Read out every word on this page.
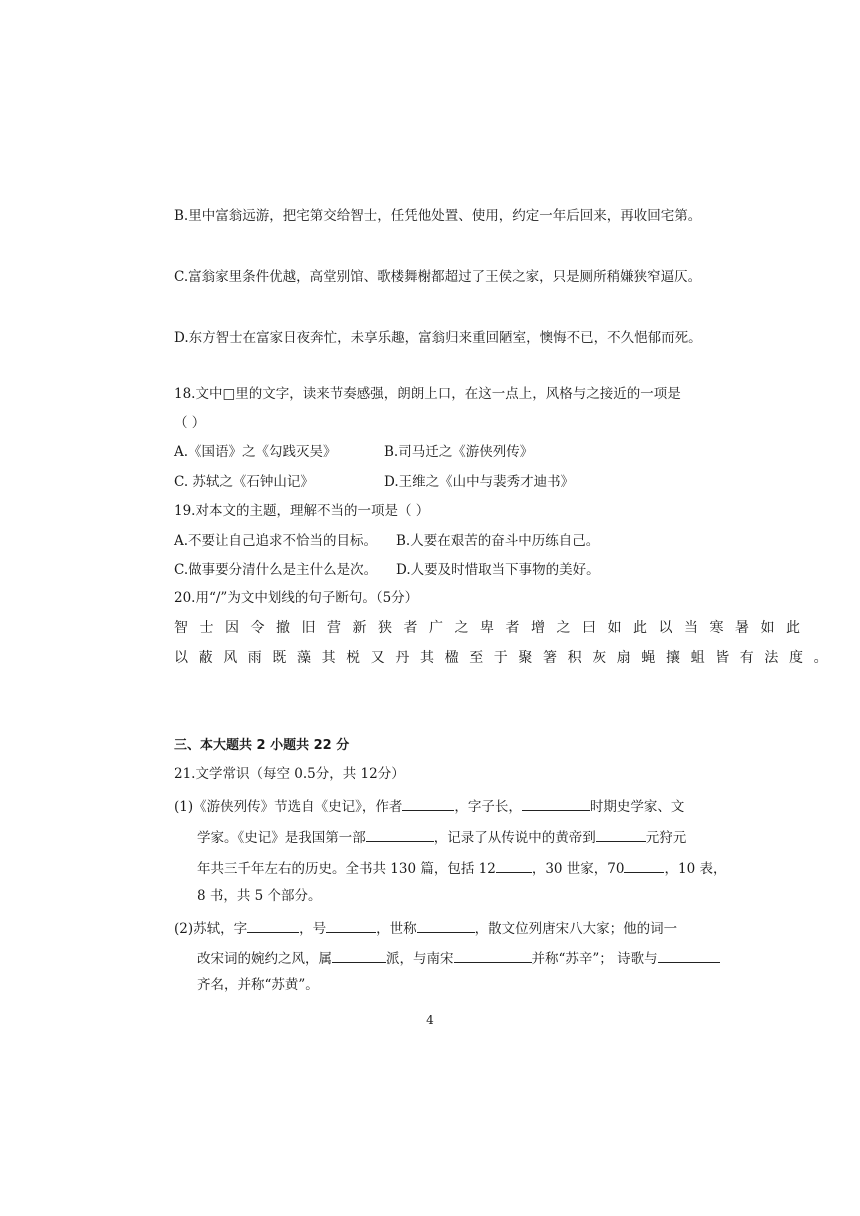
B.里中富翁远游，把宅第交给智士，任凭他处置、使用，约定一年后回来，再收回宅第。
C.富翁家里条件优越，高堂别馆、歌楼舞榭都超过了王侯之家，只是厕所稍嫌狭窄逼仄。
D.东方智士在富家日夜奔忙，未享乐趣，富翁归来重回陋室，懊悔不已，不久悒郁而死。
18.文中□里的文字，读来节奏感强，朗朗上口，在这一点上，风格与之接近的一项是
（ ）
A.《国语》之《勾践灭吴》	B.司马迁之《游侠列传》
C. 苏轼之《石钟山记》	D.王维之《山中与裴秀才迪书》
19.对本文的主题，理解不当的一项是（ ）
A.不要让自己追求不恰当的目标。 B.人要在艰苦的奋斗中历练自己。
C.做事要分清什么是主什么是次。 D.人要及时惜取当下事物的美好。
20.用“/”为文中划线的句子断句。（5分）
智士因令撤旧营新狭者广之卑者增之曰如此以当寒暑如此
以蔽风雨既藻其棁又丹其楹至于聚箸积灰扇蝇攘蛆皆有法度。
三、本大题共 2 小题共 22 分
21.文学常识（每空 0.5分，共 12分）
(1)《游侠列传》节选自《史记》，作者	，字子长，	时期史学家、文
学家。《史记》是我国第一部	，记录了从传说中的黄帝到	元狩元
年共三千年左右的历史。全书共 130 篇，包括 12	，30 世家，70	，10 表，
8 书，共 5 个部分。
(2)苏轼，字	，号	，世称	，散文位列唐宋八大家；他的词一
改宋词的婉约之风，属	派，与南宋	并称“苏辛”； 诗歌与
齐名，并称“苏黄”。
4
